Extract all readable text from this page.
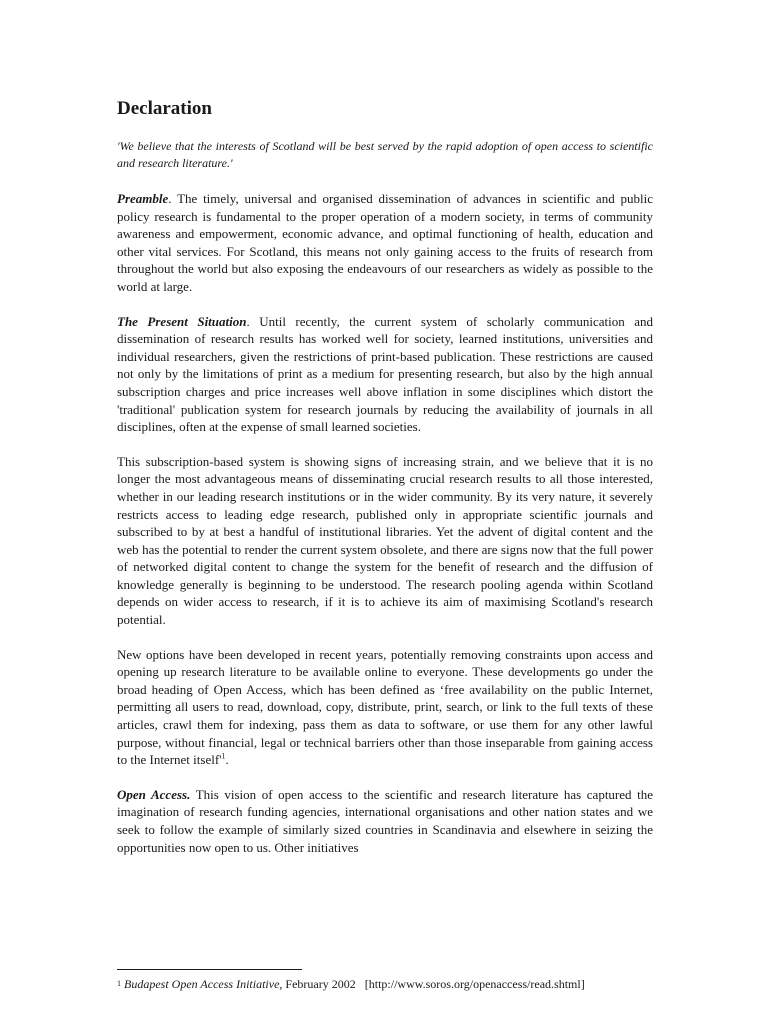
Declaration

'We believe that the interests of Scotland will be best served by the rapid adoption of open access to scientific and research literature.'

Preamble. The timely, universal and organised dissemination of advances in scientific and public policy research is fundamental to the proper operation of a modern society, in terms of community awareness and empowerment, economic advance, and optimal functioning of health, education and other vital services. For Scotland, this means not only gaining access to the fruits of research from throughout the world but also exposing the endeavours of our researchers as widely as possible to the world at large.

The Present Situation. Until recently, the current system of scholarly communication and dissemination of research results has worked well for society, learned institutions, universities and individual researchers, given the restrictions of print-based publication. These restrictions are caused not only by the limitations of print as a medium for presenting research, but also by the high annual subscription charges and price increases well above inflation in some disciplines which distort the 'traditional' publication system for research journals by reducing the availability of journals in all disciplines, often at the expense of small learned societies.

This subscription-based system is showing signs of increasing strain, and we believe that it is no longer the most advantageous means of disseminating crucial research results to all those interested, whether in our leading research institutions or in the wider community. By its very nature, it severely restricts access to leading edge research, published only in appropriate scientific journals and subscribed to by at best a handful of institutional libraries. Yet the advent of digital content and the web has the potential to render the current system obsolete, and there are signs now that the full power of networked digital content to change the system for the benefit of research and the diffusion of knowledge generally is beginning to be understood. The research pooling agenda within Scotland depends on wider access to research, if it is to achieve its aim of maximising Scotland's research potential.

New options have been developed in recent years, potentially removing constraints upon access and opening up research literature to be available online to everyone. These developments go under the broad heading of Open Access, which has been defined as ‘free availability on the public Internet, permitting all users to read, download, copy, distribute, print, search, or link to the full texts of these articles, crawl them for indexing, pass them as data to software, or use them for any other lawful purpose, without financial, legal or technical barriers other than those inseparable from gaining access to the Internet $itself'^1$.

Open Access. This vision of open access to the scientific and research literature has captured the imagination of research funding agencies, international organisations and other nation states and we seek to follow the example of similarly sized countries in Scandinavia and elsewhere in seizing the opportunities now open to us. Other initiatives

$^1$ Budapest Open Access Initiative, February 2002 [http://www.soros.org/openaccess/read.shtml]
